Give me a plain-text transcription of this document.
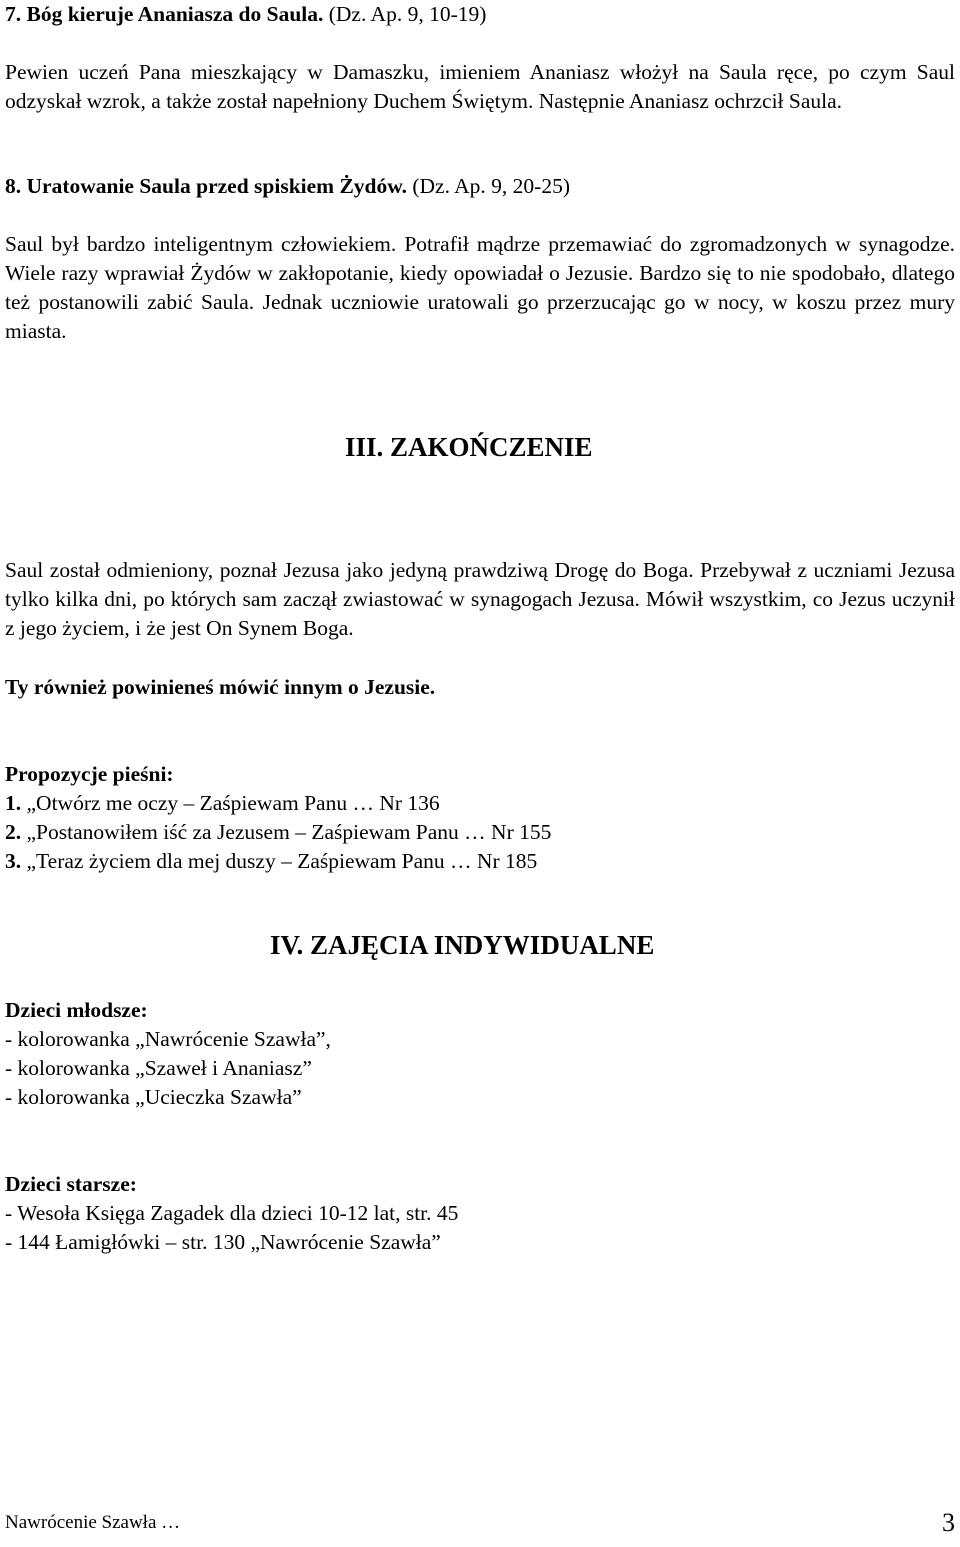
7. Bóg kieruje Ananiasza do Saula. (Dz. Ap. 9, 10-19)

Pewien uczeń Pana mieszkający w Damaszku, imieniem Ananiasz włożył na Saula ręce, po czym Saul odzyskał wzrok, a także został napełniony Duchem Świętym. Następnie Ananiasz ochrzcił Saula.

8. Uratowanie Saula przed spiskiem Żydów. (Dz. Ap. 9, 20-25)

Saul był bardzo inteligentnym człowiekiem. Potrafił mądrze przemawiać do zgromadzonych w synagodze. Wiele razy wprawiał Żydów w zakłopotanie, kiedy opowiadał o Jezusie. Bardzo się to nie spodobało, dlatego też postanowili zabić Saula. Jednak uczniowie uratowali go przerzucając go w nocy, w koszu przez mury miasta.

III. ZAKOŃCZENIE

Saul został odmieniony, poznał Jezusa jako jedyną prawdziwą Drogę do Boga. Przebywał z uczniami Jezusa tylko kilka dni, po których sam zaczął zwiastować w synagogach Jezusa. Mówił wszystkim, co Jezus uczynił z jego życiem, i że jest On Synem Boga.

Ty również powinieneś mówić innym o Jezusie.

Propozycje pieśni:

1. „Otwórz me oczy – Zaśpiewam Panu … Nr 136

2. „Postanowiłem iść za Jezusem – Zaśpiewam Panu … Nr 155

3. „Teraz życiem dla mej duszy – Zaśpiewam Panu … Nr 185

IV. ZAJĘCIA INDYWIDUALNE

Dzieci młodsze:

- kolorowanka „Nawrócenie Szawła”,

- kolorowanka „Szaweł i Ananiasz”

- kolorowanka „Ucieczka Szawła”

Dzieci starsze:

- Wesoła Księga Zagadek dla dzieci 10-12 lat, str. 45

- 144 Łamigłówki – str. 130 „Nawrócenie Szawła”

Nawrócenie Szawła …	3
